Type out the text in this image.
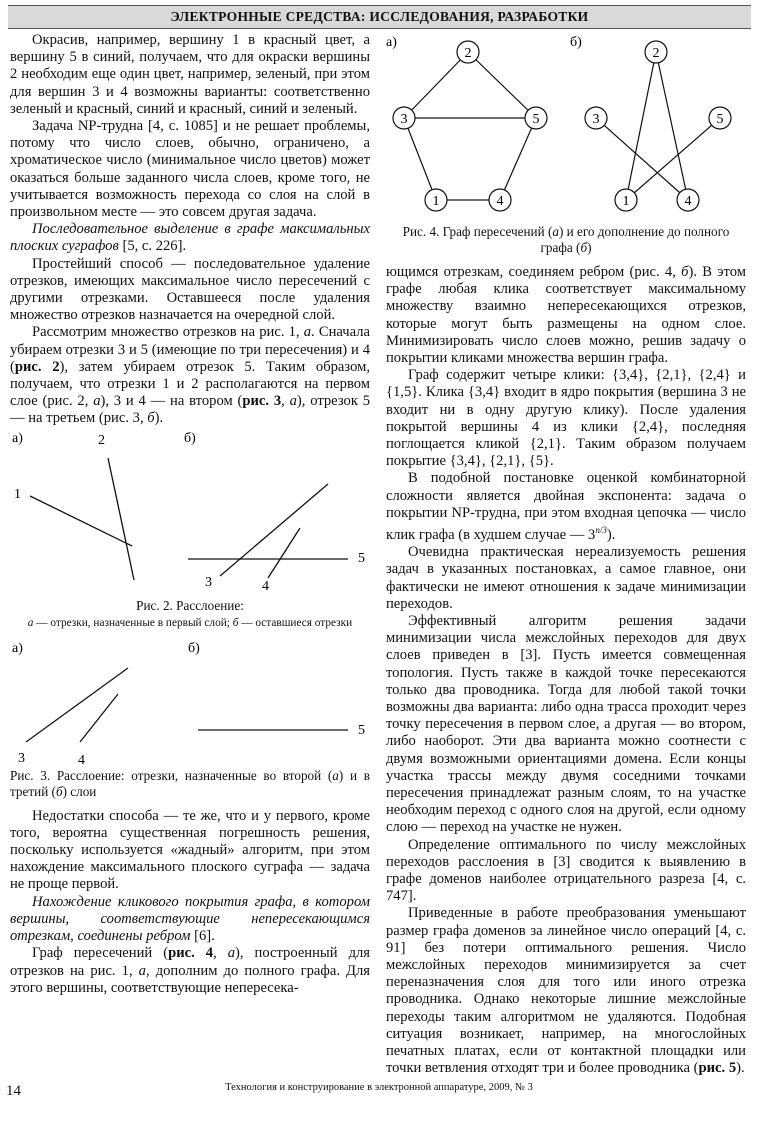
ЭЛЕКТРОННЫЕ СРЕДСТВА: ИССЛЕДОВАНИЯ, РАЗРАБОТКИ

Окрасив, например, вершину 1 в красный цвет, а вершину 5 в синий, получаем, что для окраски вершины 2 необходим еще один цвет, например, зеленый, при этом для вершин 3 и 4 возможны варианты: соответственно зеленый и красный, синий и красный, синий и зеленый.

Задача NP-трудна [4, с. 1085] и не решает проблемы, потому что число слоев, обычно, ограничено, а хроматическое число (минимальное число цветов) может оказаться больше заданного числа слоев, кроме того, не учитывается возможность перехода со слоя на слой в произвольном месте — это совсем другая задача.

Последовательное выделение в графе максимальных плоских суграфов [5, с. 226].

Простейший способ — последовательное удаление отрезков, имеющих максимальное число пересечений с другими отрезками. Оставшееся после удаления множество отрезков назначается на очередной слой.

Рассмотрим множество отрезков на рис. 1, а. Сначала убираем отрезки 3 и 5 (имеющие по три пересечения) и 4 (рис. 2), затем убираем отрезок 5. Таким образом, получаем, что отрезки 1 и 2 располагаются на первом слое (рис. 2, а), 3 и 4 — на втором (рис. 3, а), отрезок 5 — на третьем (рис. 3, б).

а)	б)
2
1
5
3	4
Рис. 2. Расслоение:
а — отрезки, назначенные в первый слой; б — оставшиеся отрезки
а)	б)
3	4
5
Рис. 3. Расслоение: отрезки, назначенные во второй (а) и в третий (б) слои

Недостатки способа — те же, что и у первого, кроме того, вероятна существенная погрешность решения, поскольку используется «жадный» алгоритм, при этом нахождение максимального плоского суграфа — задача не проще первой.

Нахождение кликового покрытия графа, в котором вершины, соответствующие непересекающимся отрезкам, соединены ребром [6].

Граф пересечений (рис. 4, а), построенный для отрезков на рис. 1, а, дополним до полного графа. Для этого вершины, соответствующие непересека-

а)	б)
2
3	5
1	4
2
3	5
1	4
Рис. 4. Граф пересечений (а) и его дополнение до полного графа (б)

ющимся отрезкам, соединяем ребром (рис. 4, б). В этом графе любая клика соответствует максимальному множеству взаимно непересекающихся отрезков, которые могут быть размещены на одном слое. Минимизировать число слоев можно, решив задачу о покрытии кликами множества вершин графа.

Граф содержит четыре клики: {3,4}, {2,1}, {2,4} и {1,5}. Клика {3,4} входит в ядро покрытия (вершина 3 не входит ни в одну другую клику). После удаления покрытой вершины 4 из клики {2,4}, последняя поглощается кликой {2,1}. Таким образом получаем покрытие {3,4}, {2,1}, {5}.

В подобной постановке оценкой комбинаторной сложности является двойная экспонента: задача о покрытии NP-трудна, при этом входная цепочка — число клик графа (в худшем случае — $3^{n/3}$).

Очевидна практическая нереализуемость решения задач в указанных постановках, а самое главное, они фактически не имеют отношения к задаче минимизации переходов.

Эффективный алгоритм решения задачи минимизации числа межслойных переходов для двух слоев приведен в [3]. Пусть имеется совмещенная топология. Пусть также в каждой точке пересекаются только два проводника. Тогда для любой такой точки возможны два варианта: либо одна трасса проходит через точку пересечения в первом слое, а другая — во втором, либо наоборот. Эти два варианта можно соотнести с двумя возможными ориентациями домена. Если концы участка трассы между двумя соседними точками пересечения принадлежат разным слоям, то на участке необходим переход с одного слоя на другой, если одному слою — переход на участке не нужен.

Определение оптимального по числу межслойных переходов расслоения в [3] сводится к выявлению в графе доменов наиболее отрицательного разреза [4, с. 747].

Приведенные в работе преобразования уменьшают размер графа доменов за линейное число операций [4, с. 91] без потери оптимального решения. Число межслойных переходов минимизируется за счет переназначения слоя для того или иного отрезка проводника. Однако некоторые лишние межслойные переходы таким алгоритмом не удаляются. Подобная ситуация возникает, например, на многослойных печатных платах, если от контактной площадки или точки ветвления отходят три и более проводника (рис. 5).

14	Технология и конструирование в электронной аппаратуре, 2009, № 3
